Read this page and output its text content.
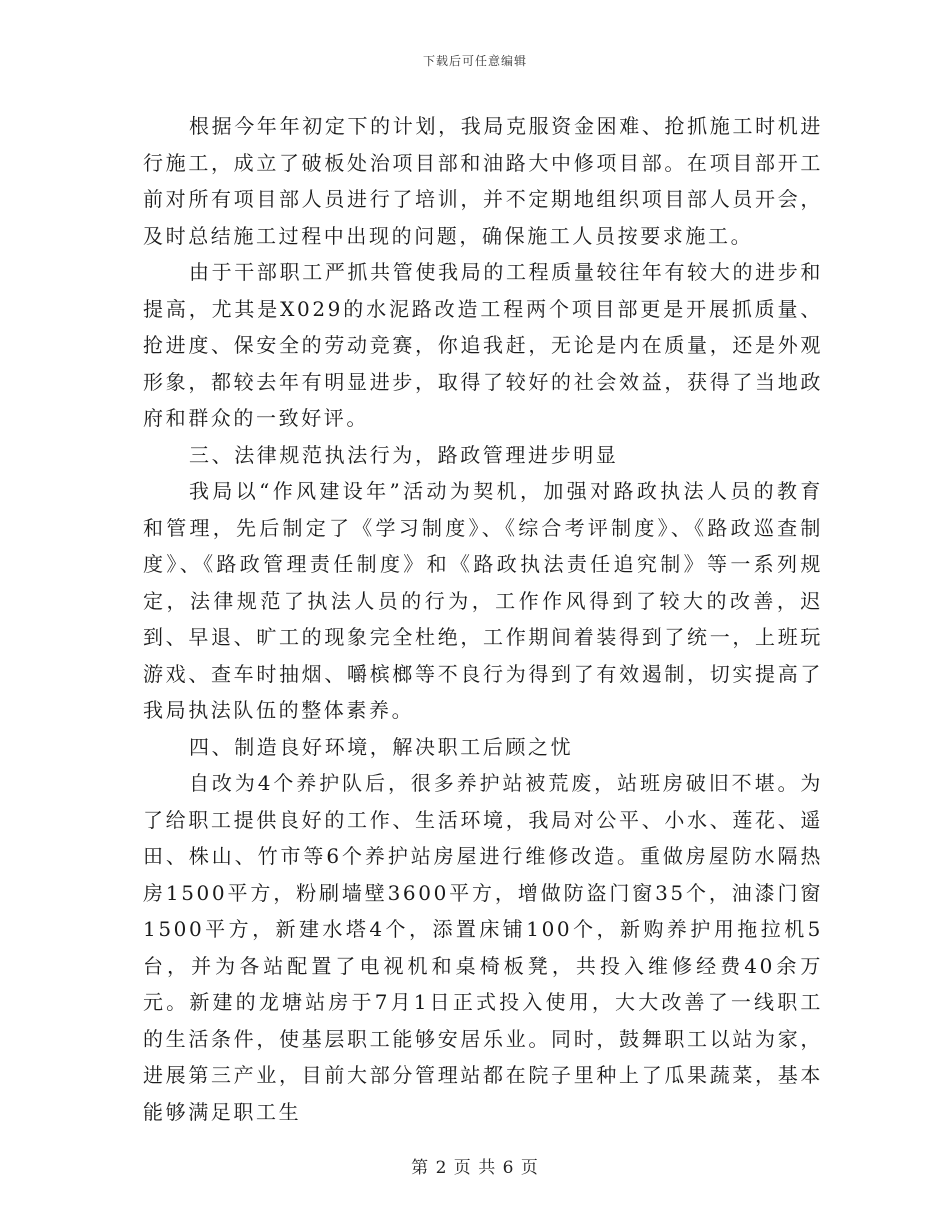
下载后可任意编辑

根据今年年初定下的计划，我局克服资金困难、抢抓施工时机进行施工，成立了破板处治项目部和油路大中修项目部。在项目部开工前对所有项目部人员进行了培训，并不定期地组织项目部人员开会，及时总结施工过程中出现的问题，确保施工人员按要求施工。

由于干部职工严抓共管使我局的工程质量较往年有较大的进步和提高，尤其是X029的水泥路改造工程两个项目部更是开展抓质量、抢进度、保安全的劳动竞赛，你追我赶，无论是内在质量，还是外观形象，都较去年有明显进步，取得了较好的社会效益，获得了当地政府和群众的一致好评。

三、法律规范执法行为，路政管理进步明显

我局以“作风建设年”活动为契机，加强对路政执法人员的教育和管理，先后制定了《学习制度》、《综合考评制度》、《路政巡查制度》、《路政管理责任制度》和《路政执法责任追究制》等一系列规定，法律规范了执法人员的行为，工作作风得到了较大的改善，迟到、早退、旷工的现象完全杜绝，工作期间着装得到了统一，上班玩游戏、查车时抽烟、嚼槟榔等不良行为得到了有效遏制，切实提高了我局执法队伍的整体素养。

四、制造良好环境，解决职工后顾之忧

自改为4个养护队后，很多养护站被荒废，站班房破旧不堪。为了给职工提供良好的工作、生活环境，我局对公平、小水、莲花、遥田、株山、竹市等6个养护站房屋进行维修改造。重做房屋防水隔热房1500平方，粉刷墙壁3600平方，增做防盗门窗35个，油漆门窗1500平方，新建水塔4个，添置床铺100个，新购养护用拖拉机5台，并为各站配置了电视机和桌椅板凳，共投入维修经费40余万元。新建的龙塘站房于7月1日正式投入使用，大大改善了一线职工的生活条件，使基层职工能够安居乐业。同时，鼓舞职工以站为家，进展第三产业，目前大部分管理站都在院子里种上了瓜果蔬菜，基本能够满足职工生

第 2 页 共 6 页
